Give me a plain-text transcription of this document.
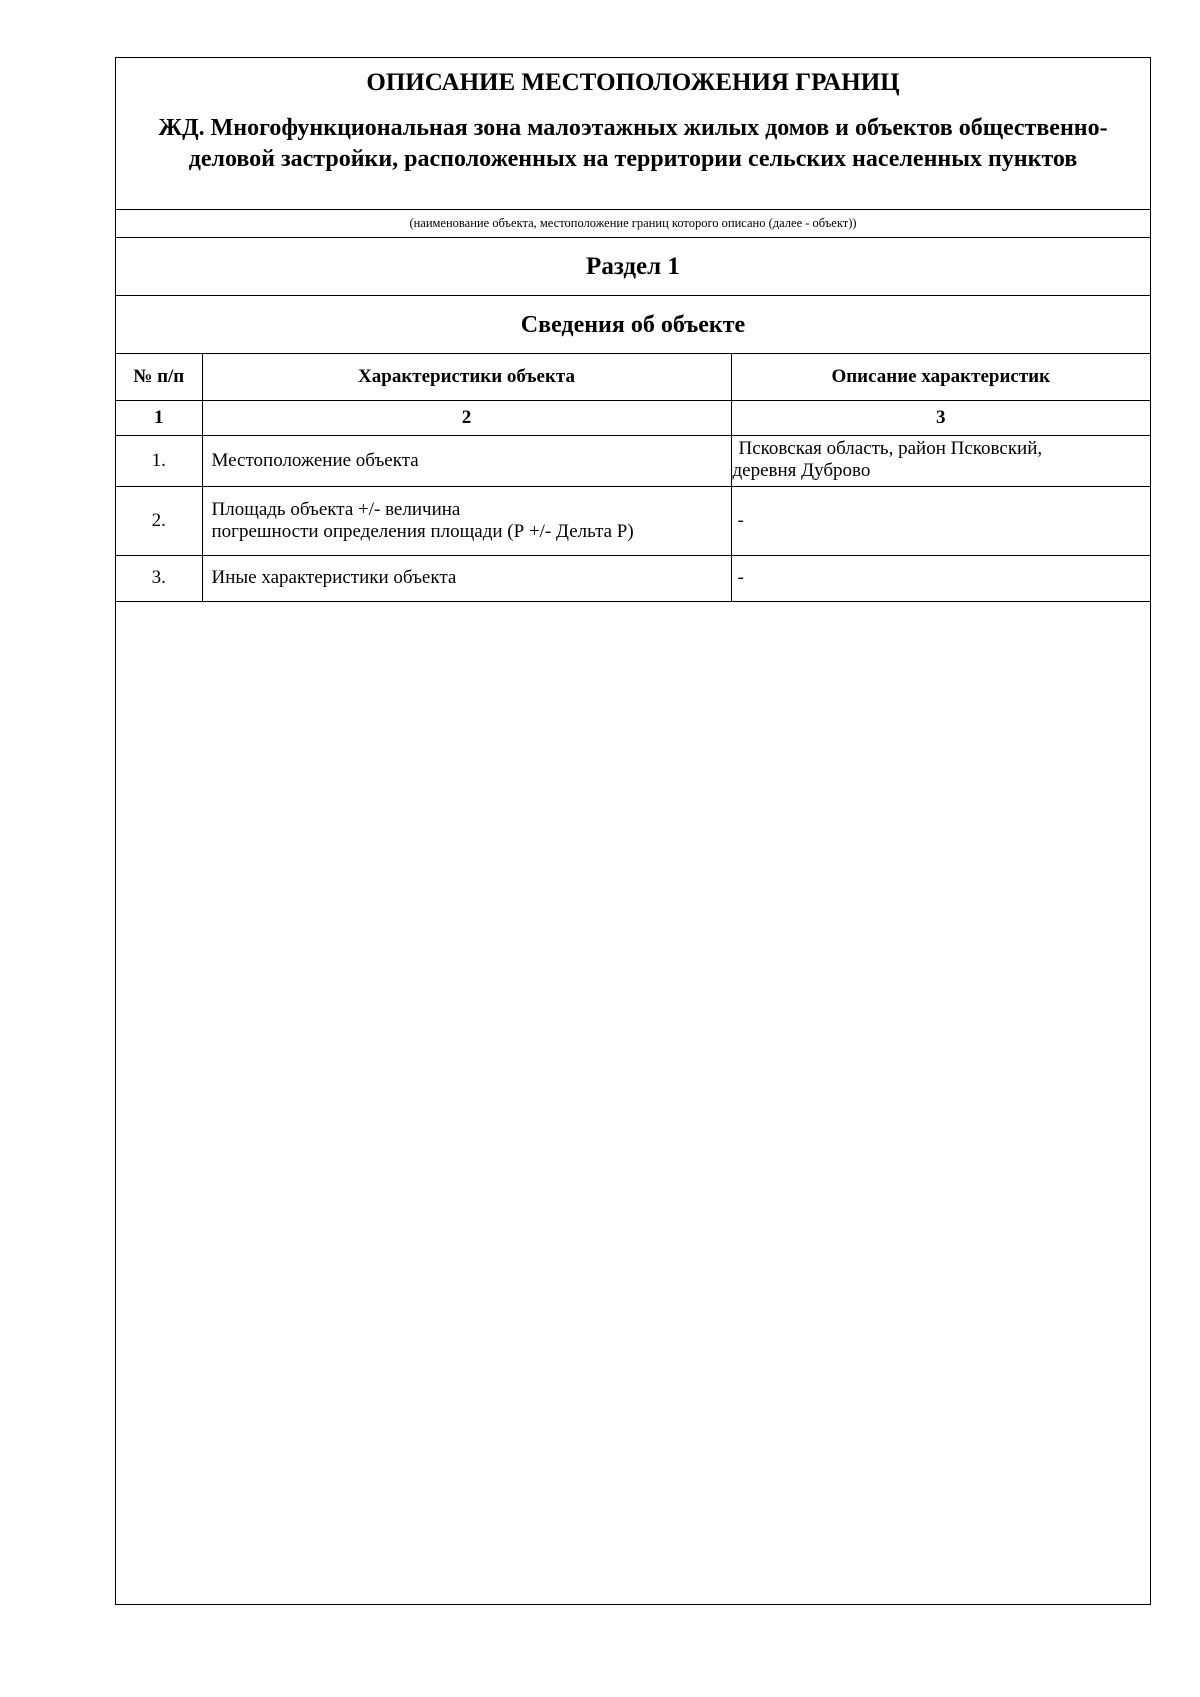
ОПИСАНИЕ МЕСТОПОЛОЖЕНИЯ ГРАНИЦ
ЖД. Многофункциональная зона малоэтажных жилых домов и объектов общественно-деловой застройки, расположенных на территории сельских населенных пунктов
(наименование объекта, местоположение границ которого описано (далее - объект))
Раздел 1
Сведения об объекте
№ п/п	Характеристики объекта	Описание характеристик
1	2	3
1.	Местоположение объекта	Псковская область, район Псковский,
деревня Дуброво

2.	Площадь объекта +/- величина
погрешности определения площади (Р +/- Дельта Р)	-
3.	Иные характеристики объекта	-
